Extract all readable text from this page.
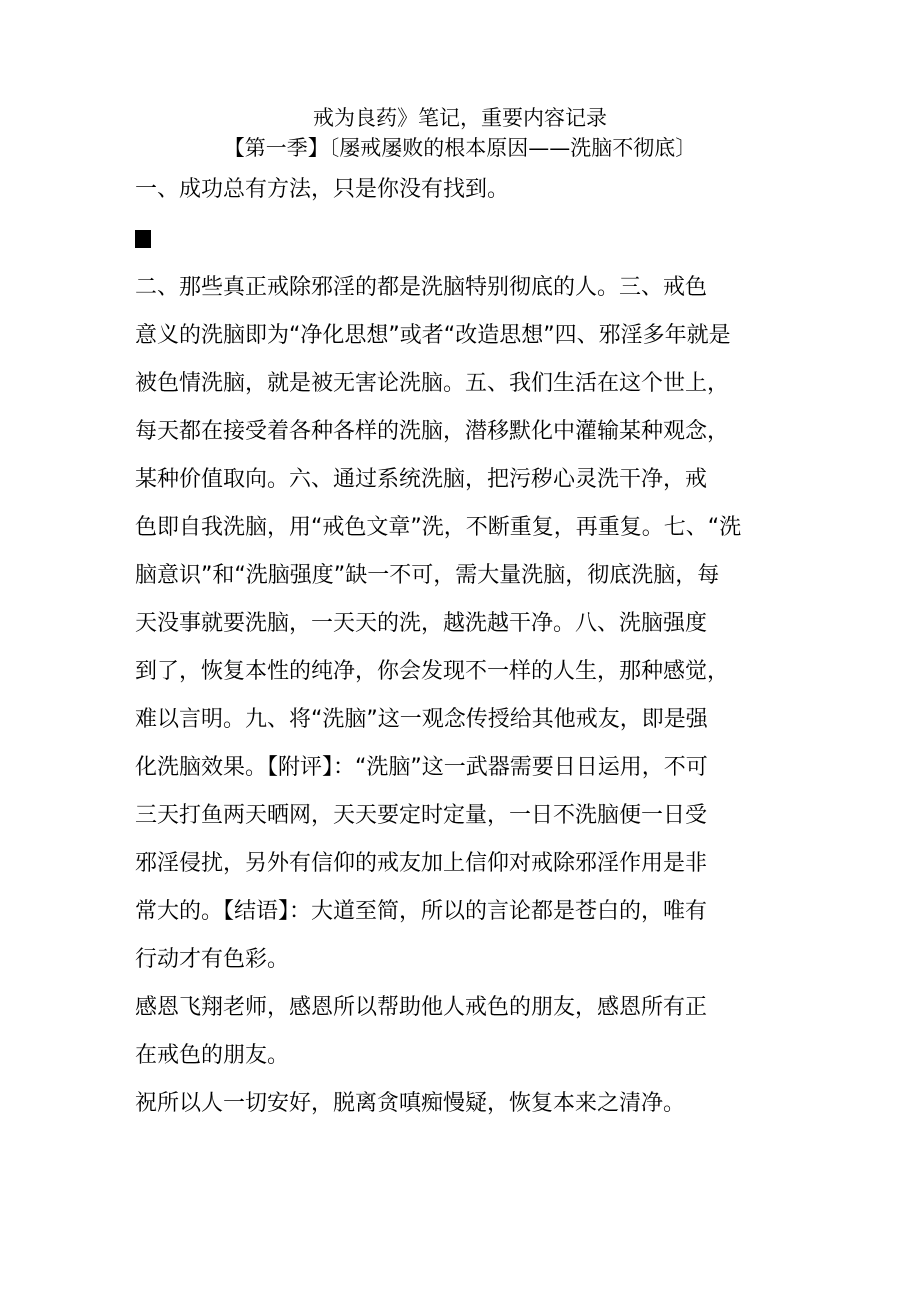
戒为良药》笔记，重要内容记录
【第一季】〔屡戒屡败的根本原因——洗脑不彻底〕
一、成功总有方法，只是你没有找到。
二、那些真正戒除邪淫的都是洗脑特别彻底的人。三、戒色
意义的洗脑即为“净化思想”或者“改造思想”四、邪淫多年就是
被色情洗脑，就是被无害论洗脑。五、我们生活在这个世上，
每天都在接受着各种各样的洗脑，潜移默化中灌输某种观念，
某种价值取向。六、通过系统洗脑，把污秽心灵洗干净，戒
色即自我洗脑，用“戒色文章”洗，不断重复，再重复。七、“洗
脑意识”和“洗脑强度”缺一不可，需大量洗脑，彻底洗脑，每
天没事就要洗脑，一天天的洗，越洗越干净。八、洗脑强度
到了，恢复本性的纯净，你会发现不一样的人生，那种感觉，
难以言明。九、将“洗脑”这一观念传授给其他戒友，即是强
化洗脑效果。【附评】：“洗脑”这一武器需要日日运用，不可
三天打鱼两天晒网，天天要定时定量，一日不洗脑便一日受
邪淫侵扰，另外有信仰的戒友加上信仰对戒除邪淫作用是非
常大的。【结语】：大道至简，所以的言论都是苍白的，唯有
行动才有色彩。
感恩飞翔老师，感恩所以帮助他人戒色的朋友，感恩所有正
在戒色的朋友。
祝所以人一切安好，脱离贪嗔痴慢疑，恢复本来之清净。
